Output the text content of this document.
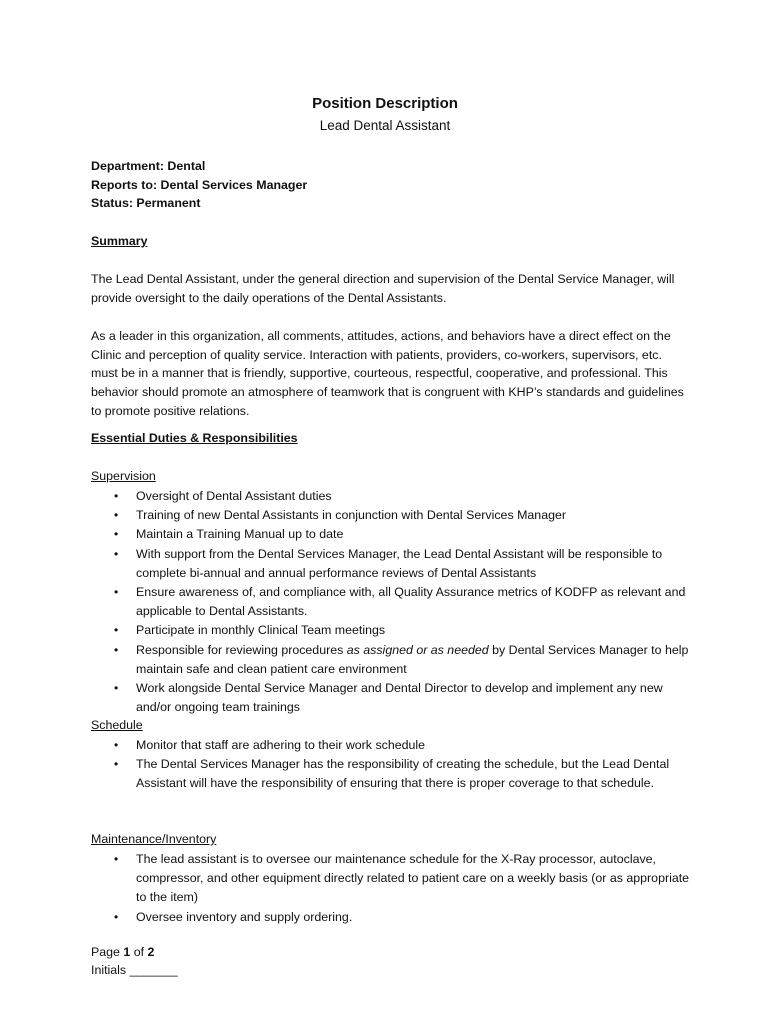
Position Description
Lead Dental Assistant
Department: Dental
Reports to: Dental Services Manager
Status: Permanent
Summary
The Lead Dental Assistant, under the general direction and supervision of the Dental Service Manager, will provide oversight to the daily operations of the Dental Assistants.
As a leader in this organization, all comments, attitudes, actions, and behaviors have a direct effect on the Clinic and perception of quality service. Interaction with patients, providers, co-workers, supervisors, etc. must be in a manner that is friendly, supportive, courteous, respectful, cooperative, and professional. This behavior should promote an atmosphere of teamwork that is congruent with KHP’s standards and guidelines to promote positive relations.
Essential Duties & Responsibilities
Supervision
• Oversight of Dental Assistant duties
• Training of new Dental Assistants in conjunction with Dental Services Manager
• Maintain a Training Manual up to date
• With support from the Dental Services Manager, the Lead Dental Assistant will be responsible to complete bi-annual and annual performance reviews of Dental Assistants
• Ensure awareness of, and compliance with, all Quality Assurance metrics of KODFP as relevant and applicable to Dental Assistants.
• Participate in monthly Clinical Team meetings
• Responsible for reviewing procedures as assigned or as needed by Dental Services Manager to help maintain safe and clean patient care environment
• Work alongside Dental Service Manager and Dental Director to develop and implement any new and/or ongoing team trainings
Schedule
• Monitor that staff are adhering to their work schedule
• The Dental Services Manager has the responsibility of creating the schedule, but the Lead Dental Assistant will have the responsibility of ensuring that there is proper coverage to that schedule.
Maintenance/Inventory
• The lead assistant is to oversee our maintenance schedule for the X-Ray processor, autoclave, compressor, and other equipment directly related to patient care on a weekly basis (or as appropriate to the item)
• Oversee inventory and supply ordering.
Page 1 of 2
Initials _______
